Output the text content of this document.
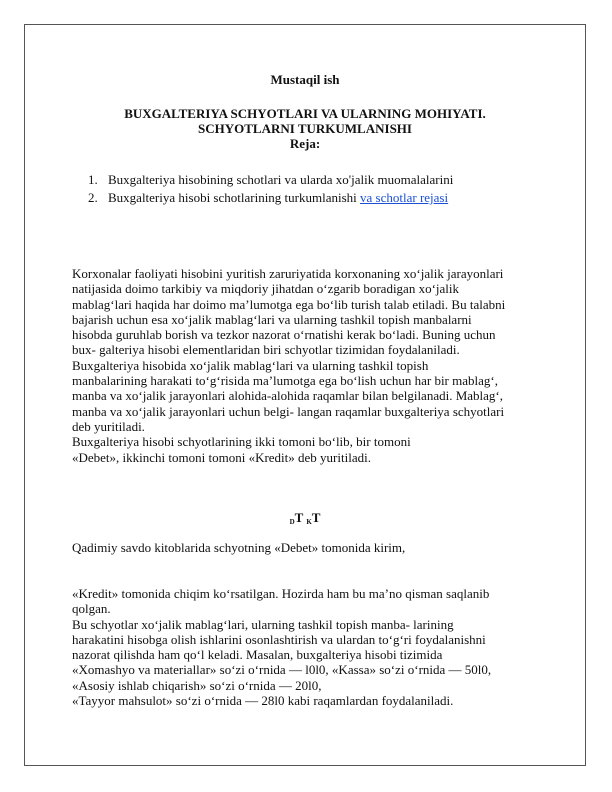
Mustaqil ish
BUXGALTERIYA SCHYOTLARI VA ULARNING MOHIYATI.
SCHYOTLARNI TURKUMLANISHI
Reja:
1. Buxgalteriya hisobining schotlari va ularda xo'jalik muomalalarini
2. Buxgalteriya hisobi schotlarining turkumlanishi va schotlar rejasi

Korxonalar faoliyati hisobini yuritish zaruriyatida korxonaning xo‘jalik jarayonlari

natijasida doimo tarkibiy va miqdoriy jihatdan o‘zgarib boradigan xo‘jalik

mablag‘lari haqida har doimo ma’lumotga ega bo‘lib turish talab etiladi. Bu talabni

bajarish uchun esa xo‘jalik mablag‘lari va ularning tashkil topish manbalarni

hisobda guruhlab borish va tezkor nazorat o‘rnatishi kerak bo‘ladi. Buning uchun

bux- galteriya hisobi elementlaridan biri schyotlar tizimidan foydalaniladi.

Buxgalteriya hisobida xo‘jalik mablag‘lari va ularning tashkil topish

manbalarining harakati to‘g‘risida ma’lumotga ega bo‘lish uchun har bir mablag‘,

manba va xo‘jalik jarayonlari alohida-alohida raqamlar bilan belgilanadi. Mablag‘,

manba va xo‘jalik jarayonlari uchun belgi- langan raqamlar buxgalteriya schyotlari

deb yuritiladi.

Buxgalteriya hisobi schyotlarining ikki tomoni bo‘lib, bir tomoni

«Debet», ikkinchi tomoni tomoni «Kredit» deb yuritiladi.

$_D$T $_K$T

Qadimiy savdo kitoblarida schyotning «Debet» tomonida kirim,

«Kredit» tomonida chiqim ko‘rsatilgan. Hozirda ham bu ma’no qisman saqlanib

qolgan.

Bu schyotlar xo‘jalik mablag‘lari, ularning tashkil topish manba- larining

harakatini hisobga olish ishlarini osonlashtirish va ulardan to‘g‘ri foydalanishni

nazorat qilishda ham qo‘l keladi. Masalan, buxgalteriya hisobi tizimida

«Xomashyo va materiallar» so‘zi o‘rnida — l0l0, «Kassa» so‘zi o‘rnida — 50l0,

«Asosiy ishlab chiqarish» so‘zi o‘rnida — 20l0,

«Tayyor mahsulot» so‘zi o‘rnida — 28l0 kabi raqamlardan foydalaniladi.
